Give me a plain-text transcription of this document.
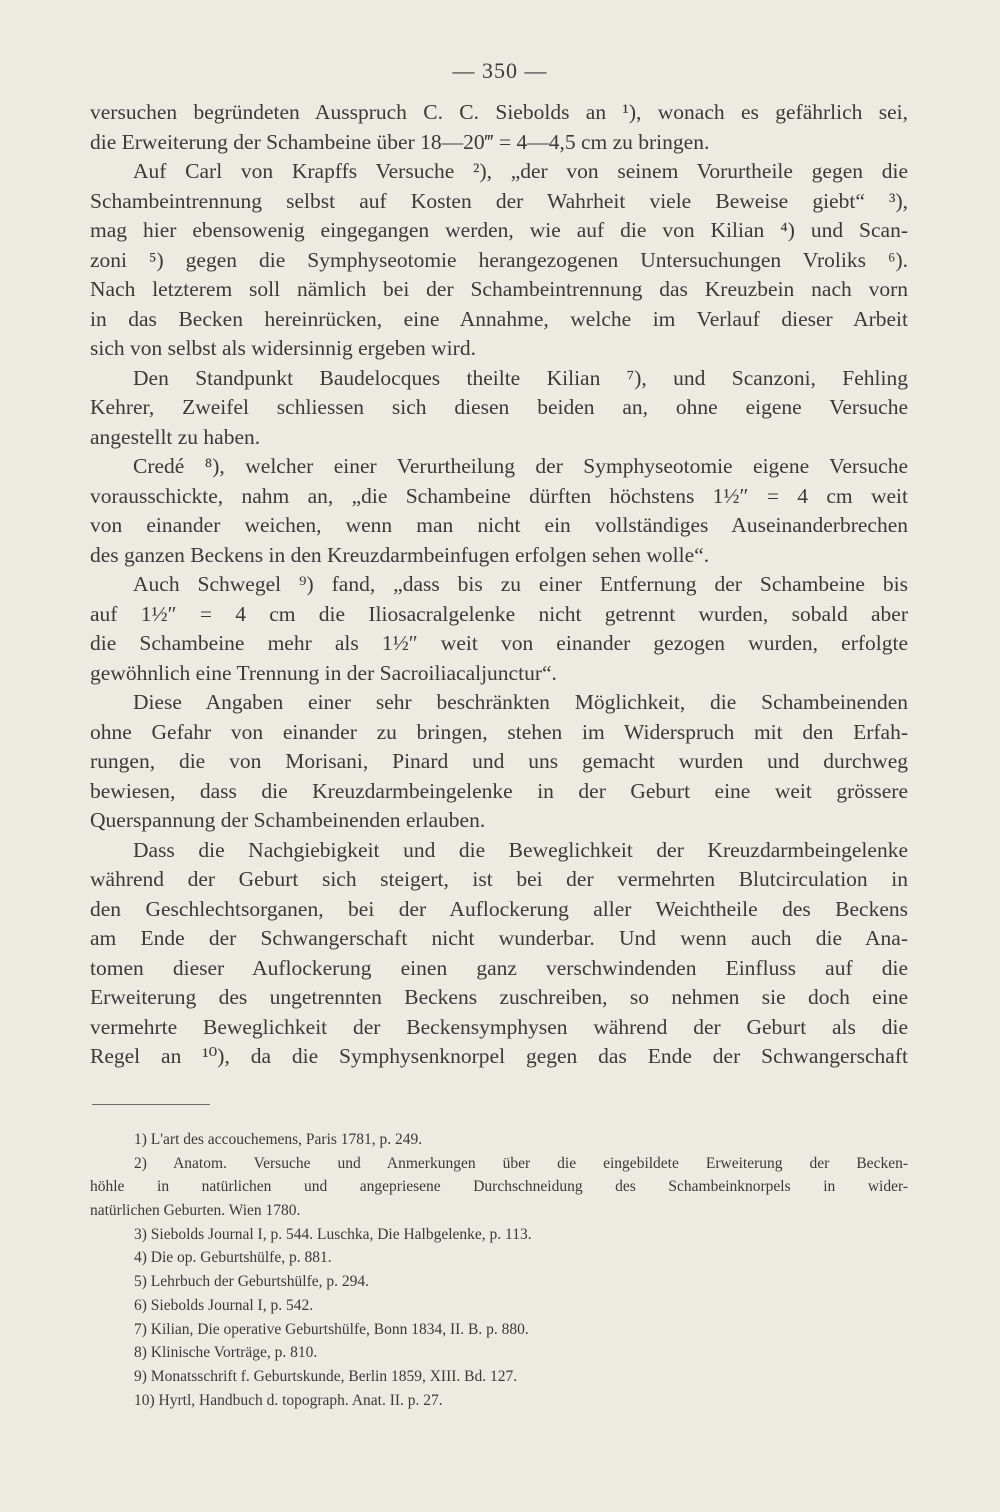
— 350 —
versuchen begründeten Ausspruch C. C. Siebolds an ¹), wonach es gefährlich sei,
die Erweiterung der Schambeine über 18—20‴ = 4—4,5 cm zu bringen.
Auf Carl von Krapffs Versuche ²), „der von seinem Vorurtheile gegen die
Schambeintrennung selbst auf Kosten der Wahrheit viele Beweise giebt“ ³),
mag hier ebensowenig eingegangen werden, wie auf die von Kilian ⁴) und Scan-
zoni ⁵) gegen die Symphyseotomie herangezogenen Untersuchungen Vroliks ⁶).
Nach letzterem soll nämlich bei der Schambeintrennung das Kreuzbein nach vorn
in das Becken hereinrücken, eine Annahme, welche im Verlauf dieser Arbeit
sich von selbst als widersinnig ergeben wird.
Den Standpunkt Baudelocques theilte Kilian ⁷), und Scanzoni, Fehling
Kehrer, Zweifel schliessen sich diesen beiden an, ohne eigene Versuche
angestellt zu haben.
Credé ⁸), welcher einer Verurtheilung der Symphyseotomie eigene Versuche
vorausschickte, nahm an, „die Schambeine dürften höchstens 1½″ = 4 cm weit
von einander weichen, wenn man nicht ein vollständiges Auseinanderbrechen
des ganzen Beckens in den Kreuzdarmbeinfugen erfolgen sehen wolle“.
Auch Schwegel ⁹) fand, „dass bis zu einer Entfernung der Schambeine bis
auf 1½″ = 4 cm die Iliosacralgelenke nicht getrennt wurden, sobald aber
die Schambeine mehr als 1½″ weit von einander gezogen wurden, erfolgte
gewöhnlich eine Trennung in der Sacroiliacaljunctur“.
Diese Angaben einer sehr beschränkten Möglichkeit, die Schambeinenden
ohne Gefahr von einander zu bringen, stehen im Widerspruch mit den Erfah-
rungen, die von Morisani, Pinard und uns gemacht wurden und durchweg
bewiesen, dass die Kreuzdarmbeingelenke in der Geburt eine weit grössere
Querspannung der Schambeinenden erlauben.
Dass die Nachgiebigkeit und die Beweglichkeit der Kreuzdarmbeingelenke
während der Geburt sich steigert, ist bei der vermehrten Blutcirculation in
den Geschlechtsorganen, bei der Auflockerung aller Weichtheile des Beckens
am Ende der Schwangerschaft nicht wunderbar. Und wenn auch die Ana-
tomen dieser Auflockerung einen ganz verschwindenden Einfluss auf die
Erweiterung des ungetrennten Beckens zuschreiben, so nehmen sie doch eine
vermehrte Beweglichkeit der Beckensymphysen während der Geburt als die
Regel an ¹⁰), da die Symphysenknorpel gegen das Ende der Schwangerschaft
1) L'art des accouchemens, Paris 1781, p. 249.
2) Anatom. Versuche und Anmerkungen über die eingebildete Erweiterung der Becken-
höhle in natürlichen und angepriesene Durchschneidung des Schambeinknorpels in wider-
natürlichen Geburten. Wien 1780.
3) Siebolds Journal I, p. 544. Luschka, Die Halbgelenke, p. 113.
4) Die op. Geburtshülfe, p. 881.
5) Lehrbuch der Geburtshülfe, p. 294.
6) Siebolds Journal I, p. 542.
7) Kilian, Die operative Geburtshülfe, Bonn 1834, II. B. p. 880.
8) Klinische Vorträge, p. 810.
9) Monatsschrift f. Geburtskunde, Berlin 1859, XIII. Bd. 127.
10) Hyrtl, Handbuch d. topograph. Anat. II. p. 27.
